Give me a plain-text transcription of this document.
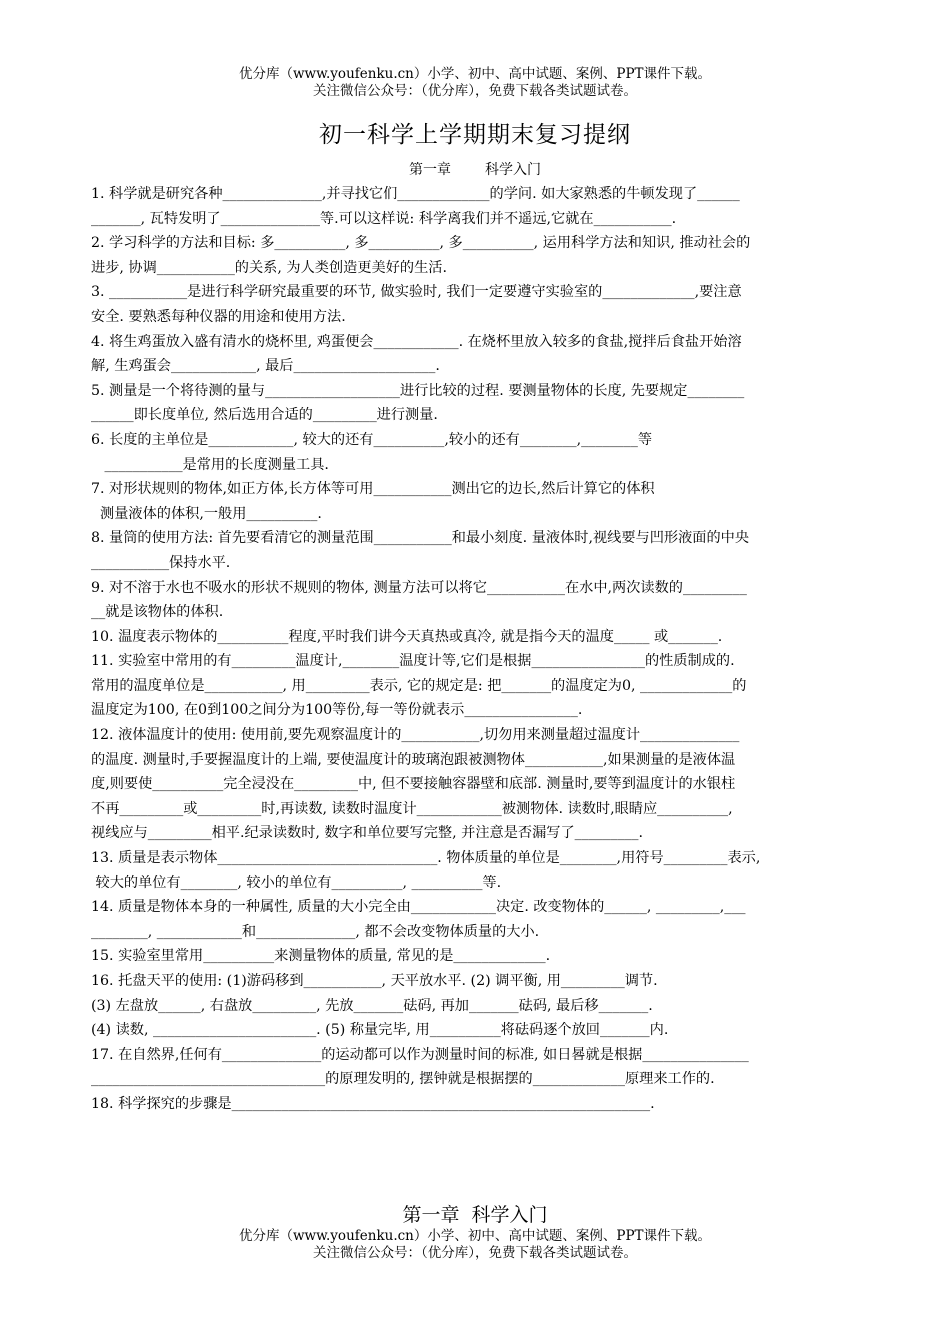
优分库（www.youfenku.cn）小学、初中、高中试题、案例、PPT课件下载。
关注微信公众号：（优分库），免费下载各类试题试卷。
初一科学上学期期末复习提纲
第一章 科学入门
1. 科学就是研究各种______________,并寻找它们_____________的学问. 如大家熟悉的牛顿发现了______
_______, 瓦特发明了______________等.可以这样说: 科学离我们并不遥远,它就在___________.
2. 学习科学的方法和目标: 多__________, 多__________, 多__________, 运用科学方法和知识, 推动社会的
进步, 协调___________的关系, 为人类创造更美好的生活.
3. ___________是进行科学研究最重要的环节, 做实验时, 我们一定要遵守实验室的_____________,要注意
安全. 要熟悉每种仪器的用途和使用方法.
4. 将生鸡蛋放入盛有清水的烧杯里, 鸡蛋便会____________. 在烧杯里放入较多的食盐,搅拌后食盐开始溶
解, 生鸡蛋会____________, 最后____________________.
5. 测量是一个将待测的量与___________________进行比较的过程. 要测量物体的长度, 先要规定________
______即长度单位, 然后选用合适的_________进行测量.
6. 长度的主单位是____________, 较大的还有__________,较小的还有________,________等
___________是常用的长度测量工具.
7. 对形状规则的物体,如正方体,长方体等可用___________测出它的边长,然后计算它的体积
测量液体的体积,一般用__________.
8. 量筒的使用方法: 首先要看清它的测量范围___________和最小刻度. 量液体时,视线要与凹形液面的中央
___________保持水平.
9. 对不溶于水也不吸水的形状不规则的物体, 测量方法可以将它___________在水中,两次读数的_________
__就是该物体的体积.
10. 温度表示物体的__________程度,平时我们讲今天真热或真冷, 就是指今天的温度_____ 或_______.
11. 实验室中常用的有_________温度计,________温度计等,它们是根据________________的性质制成的.
常用的温度单位是___________, 用_________表示, 它的规定是: 把_______的温度定为0, _____________的
温度定为100, 在0到100之间分为100等份,每一等份就表示________________.
12. 液体温度计的使用: 使用前,要先观察温度计的___________,切勿用来测量超过温度计______________
的温度. 测量时,手要握温度计的上端, 要使温度计的玻璃泡跟被测物体___________,如果测量的是液体温
度,则要使__________完全浸没在_________中, 但不要接触容器壁和底部. 测量时,要等到温度计的水银柱
不再_________或_________时,再读数, 读数时温度计____________被测物体. 读数时,眼睛应__________,
视线应与_________相平.纪录读数时, 数字和单位要写完整, 并注意是否漏写了_________.
13. 质量是表示物体_______________________________. 物体质量的单位是________,用符号_________表示,
较大的单位有________, 较小的单位有__________, __________等.
14. 质量是物体本身的一种属性, 质量的大小完全由____________决定. 改变物体的______, _________,___
________, ____________和______________, 都不会改变物体质量的大小.
15. 实验室里常用__________来测量物体的质量, 常见的是_____________.
16. 托盘天平的使用: (1)游码移到___________, 天平放水平. (2) 调平衡, 用_________调节.
(3) 左盘放______, 右盘放_________, 先放_______砝码, 再加_______砝码, 最后移_______.
(4) 读数, _______________________. (5) 称量完毕, 用__________将砝码逐个放回_______内.
17. 在自然界,任何有______________的运动都可以作为测量时间的标准, 如日晷就是根据_______________
_________________________________的原理发明的, 摆钟就是根据摆的_____________原理来工作的.
18. 科学探究的步骤是___________________________________________________________.
第一章 科学入门
优分库（www.youfenku.cn）小学、初中、高中试题、案例、PPT课件下载。
关注微信公众号：（优分库），免费下载各类试题试卷。
